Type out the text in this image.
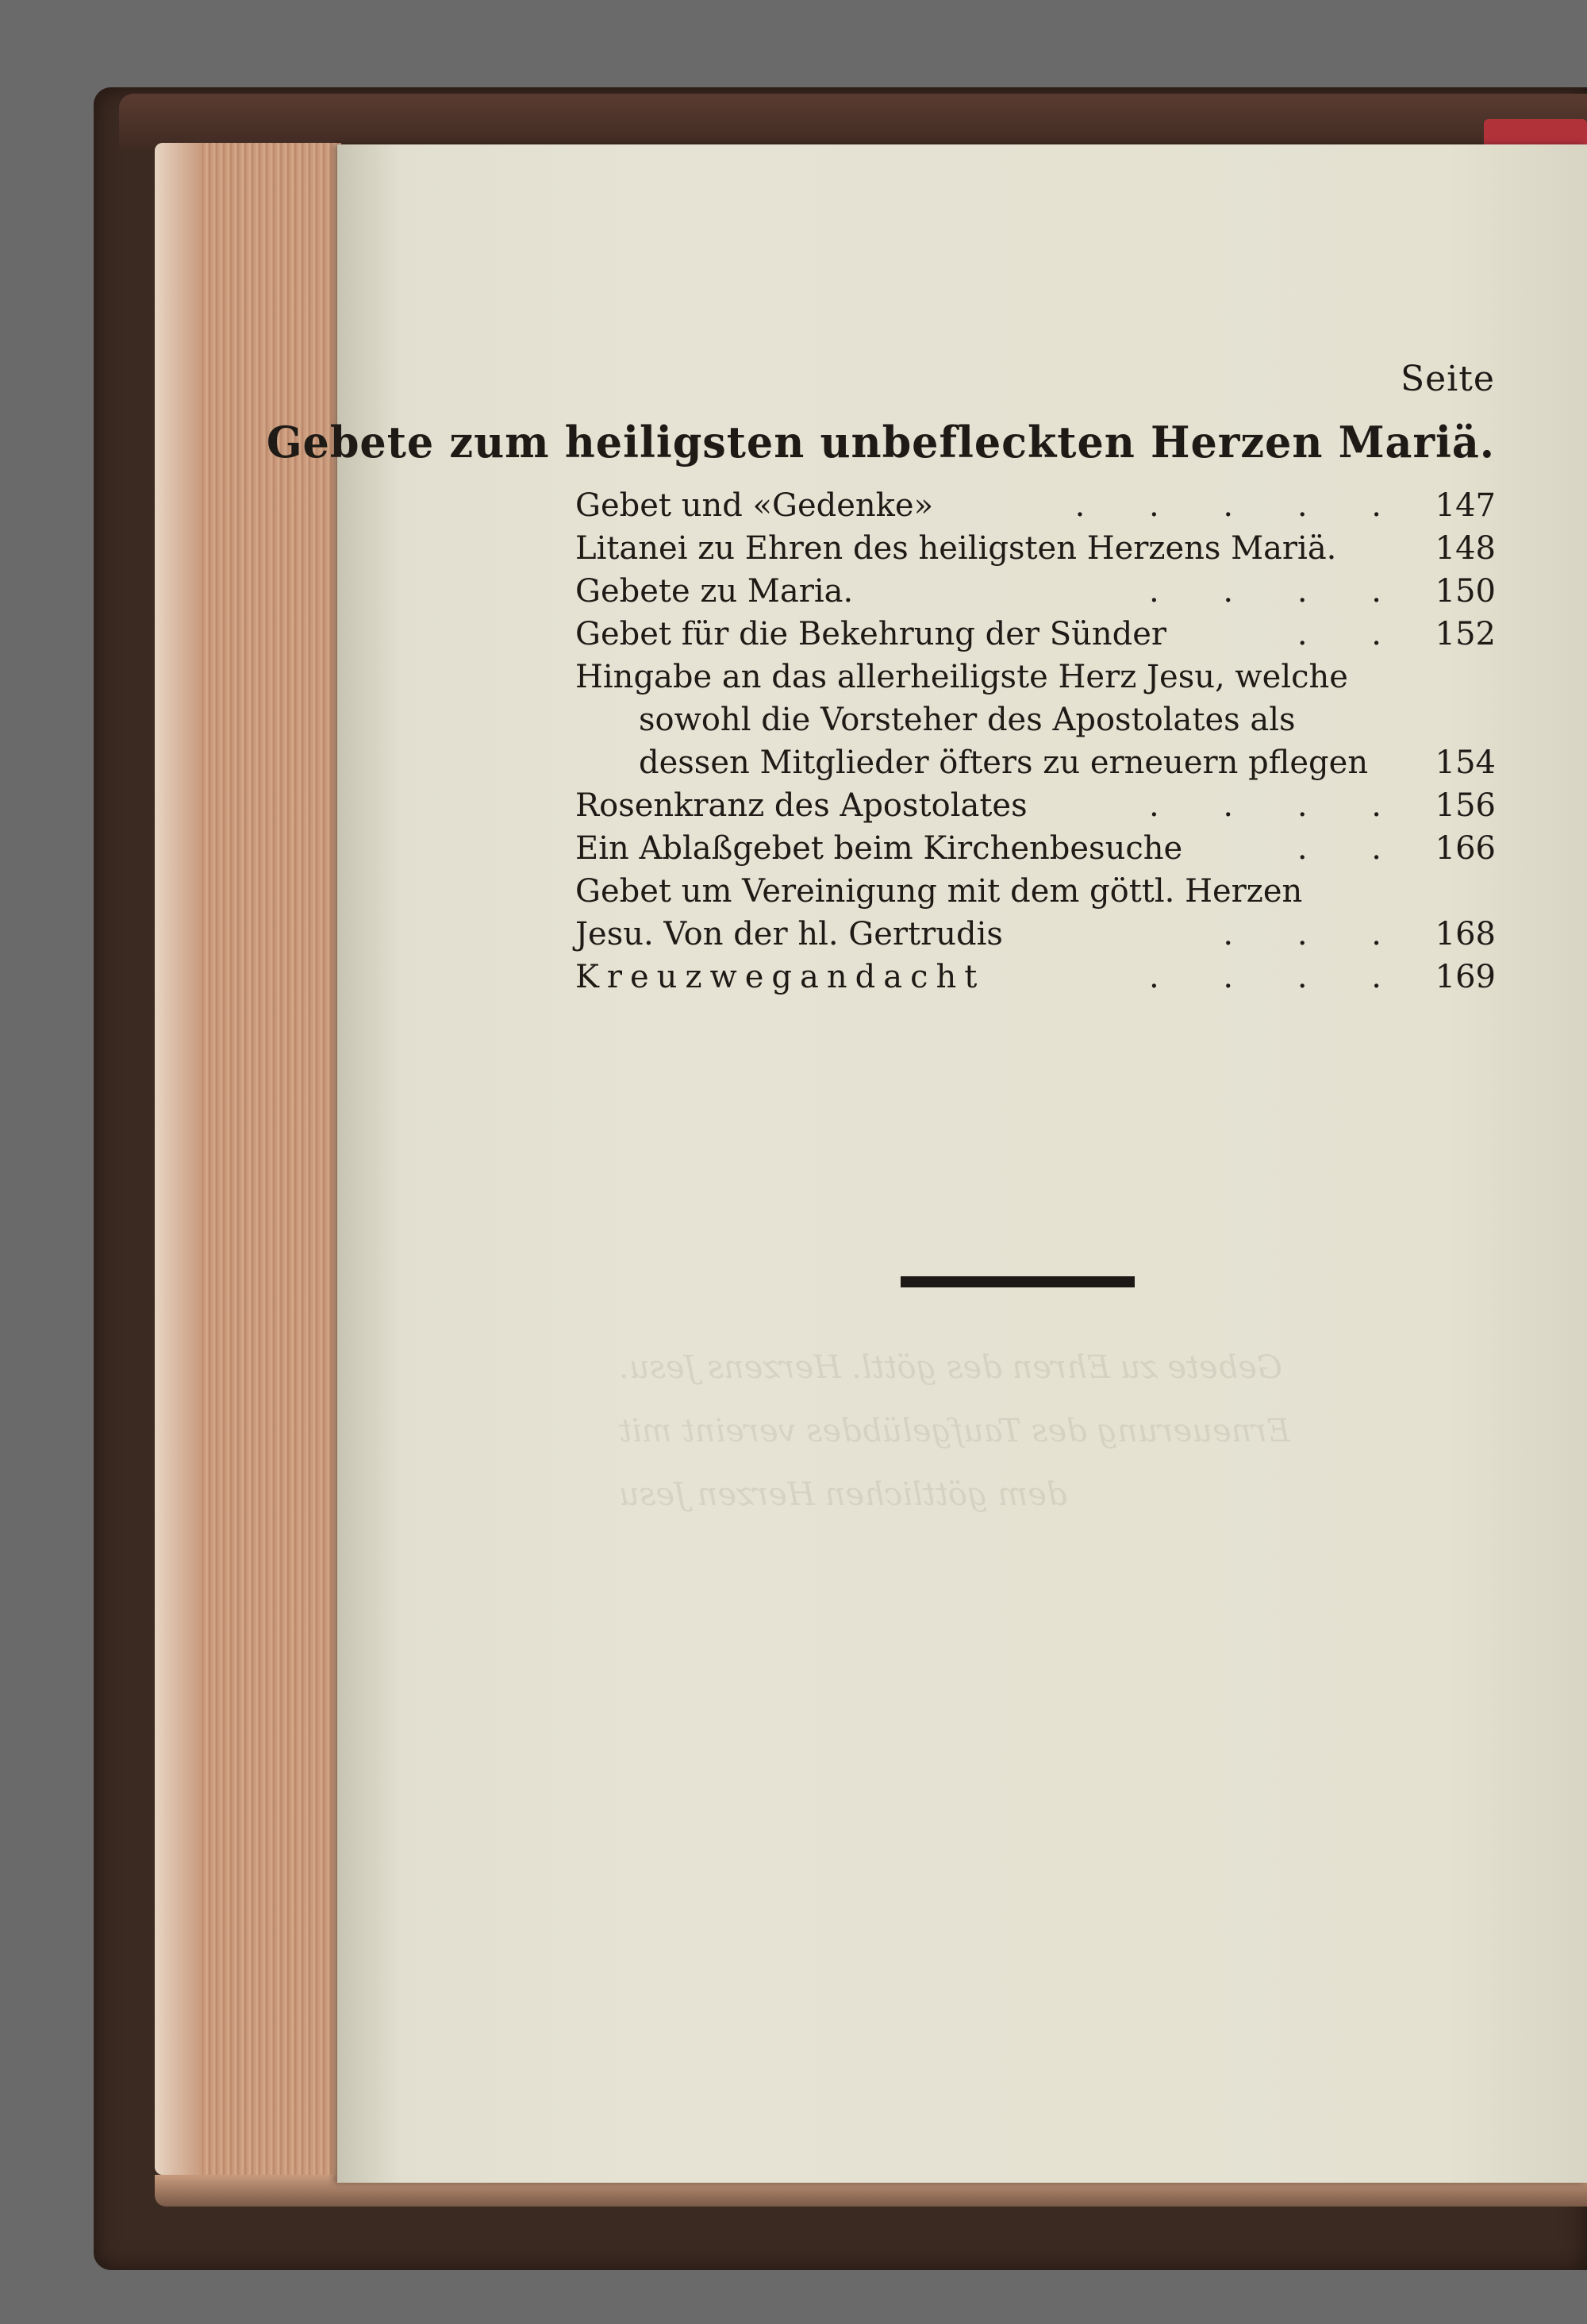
Gebete zu Ehren des göttl. Herzens Jesu.
Erneuerung des Taufgelübdes vereint mit
dem göttlichen Herzen Jesu
Seite
Gebete zum heiligsten unbefleckten Herzen Mariä.
Gebet und «Gedenke»	. . . . . 147
Litanei zu Ehren des heiligsten Herzens Mariä.	148
Gebete zu Maria.	. . . . 150
Gebet für die Bekehrung der Sünder	. . 152
Hingabe an das allerheiligste Herz Jesu, welche
sowohl die Vorsteher des Apostolates als
dessen Mitglieder öfters zu erneuern pflegen	154
Rosenkranz des Apostolates	. . . . 156
Ein Ablaßgebet beim Kirchenbesuche	. . 166
Gebet um Vereinigung mit dem göttl. Herzen
Jesu. Von der hl. Gertrudis	. . . 168
Kreuzwegandacht	. . . . 169
